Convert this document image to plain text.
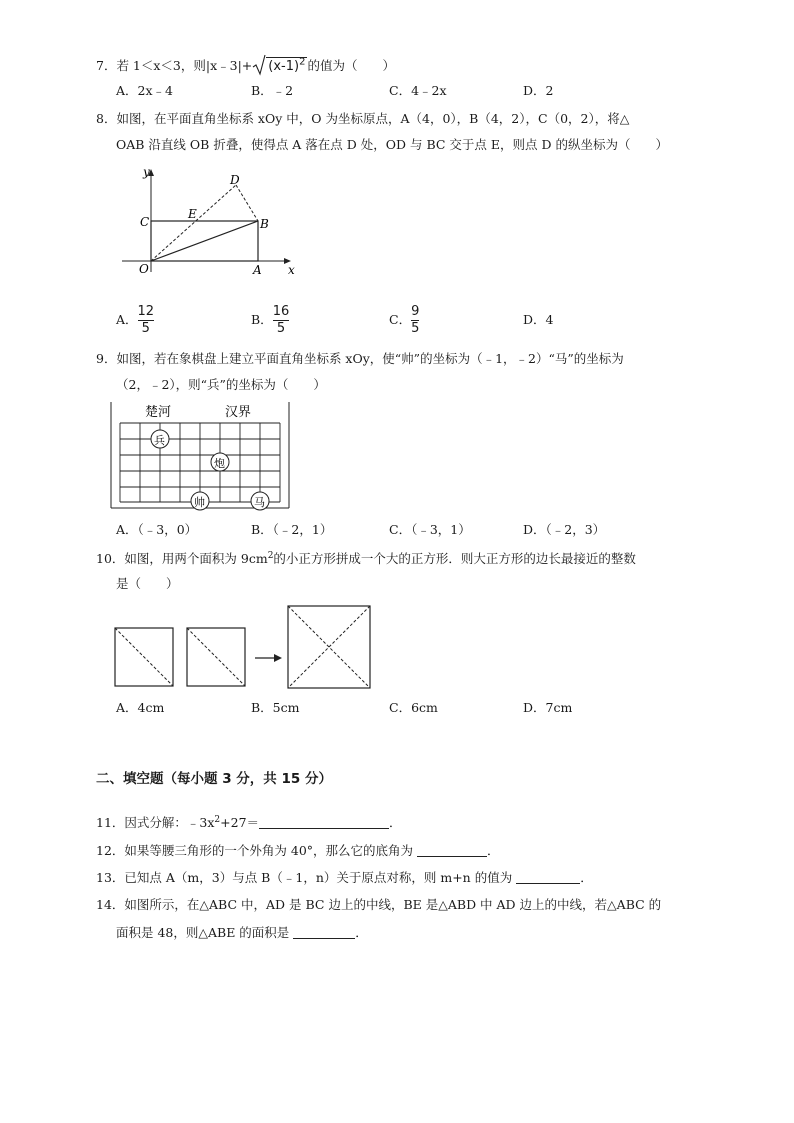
7．若 1＜x＜3，则|x﹣3|+ $(x-1)^2$ 的值为（　　）
A．2x﹣4	B．﹣2	C．4﹣2x	D．2
8．如图，在平面直角坐标系 xOy 中，O 为坐标原点，A（4，0），B（4，2），C（0，2），将△
OAB 沿直线 OB 折叠，使得点 A 落在点 D 处，OD 与 BC 交于点 E，则点 D 的纵坐标为（　　）
y
x
O	A
B
C
D
E
A． $\frac{12}{5}$	B． $\frac{16}{5}$	C． $\frac{9}{5}$	D．4
9．如图，若在象棋盘上建立平面直角坐标系 xOy，使“帅”的坐标为（﹣1，﹣2）“马”的坐标为
（2，﹣2），则“兵”的坐标为（　　）
楚河	汉界
兵
炮
帅	马
A．（﹣3，0）	B．（﹣2，1）	C．（﹣3，1）	D．（﹣2，3）
10．如图，用两个面积为 $9cm^2$的小正方形拼成一个大的正方形．则大正方形的边长最接近的整数
是（　　）
A．4cm	B．5cm	C．6cm	D．7cm
二、填空题（每小题 3 分，共 15 分）
11．因式分解：$﹣3x^2+27=$	．
12．如果等腰三角形的一个外角为 40°，那么它的底角为	．
13．已知点 A（m，3）与点 B（﹣1，n）关于原点对称，则 m+n 的值为	．
14．如图所示，在△ABC 中，AD 是 BC 边上的中线，BE 是△ABD 中 AD 边上的中线，若△ABC 的
面积是 48，则△ABE 的面积是	．
